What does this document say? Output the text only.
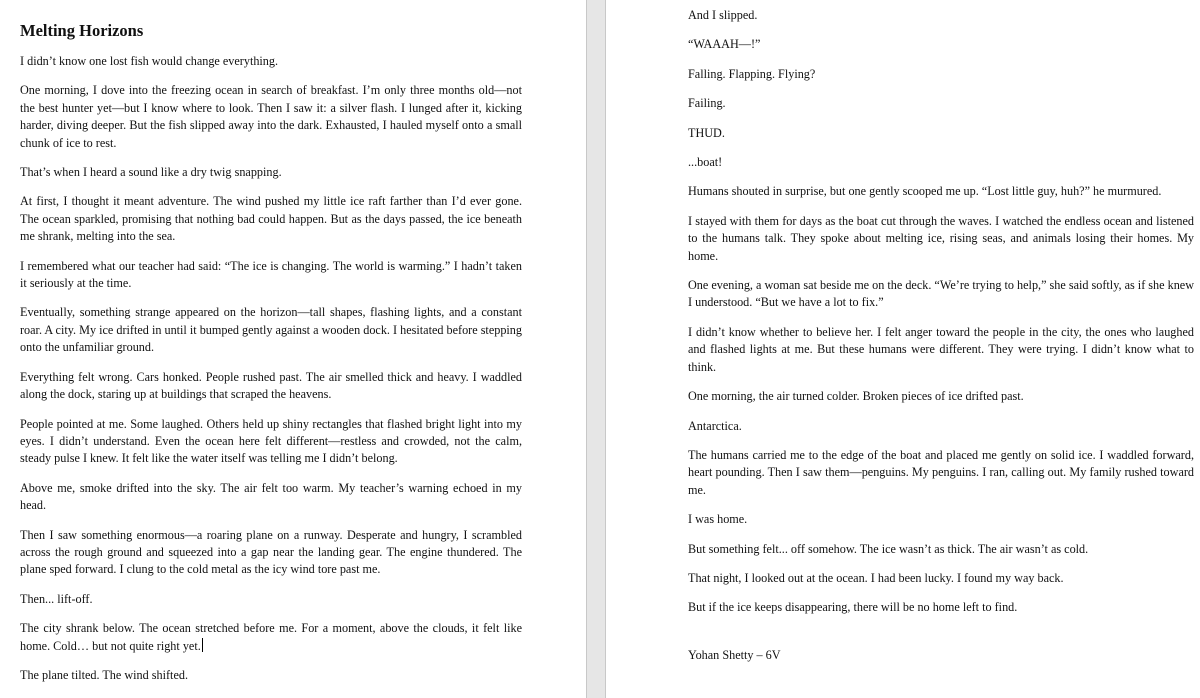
Melting Horizons

I didn’t know one lost fish would change everything.

One morning, I dove into the freezing ocean in search of breakfast. I’m only three months old—not the best hunter yet—but I know where to look. Then I saw it: a silver flash. I lunged after it, kicking harder, diving deeper. But the fish slipped away into the dark. Exhausted, I hauled myself onto a small chunk of ice to rest.

That’s when I heard a sound like a dry twig snapping.

At first, I thought it meant adventure. The wind pushed my little ice raft farther than I’d ever gone. The ocean sparkled, promising that nothing bad could happen. But as the days passed, the ice beneath me shrank, melting into the sea.

I remembered what our teacher had said: “The ice is changing. The world is warming.” I hadn’t taken it seriously at the time.

Eventually, something strange appeared on the horizon—tall shapes, flashing lights, and a constant roar. A city. My ice drifted in until it bumped gently against a wooden dock. I hesitated before stepping onto the unfamiliar ground.

Everything felt wrong. Cars honked. People rushed past. The air smelled thick and heavy. I waddled along the dock, staring up at buildings that scraped the heavens.

People pointed at me. Some laughed. Others held up shiny rectangles that flashed bright light into my eyes. I didn’t understand. Even the ocean here felt different—restless and crowded, not the calm, steady pulse I knew. It felt like the water itself was telling me I didn’t belong.

Above me, smoke drifted into the sky. The air felt too warm. My teacher’s warning echoed in my head.

Then I saw something enormous—a roaring plane on a runway. Desperate and hungry, I scrambled across the rough ground and squeezed into a gap near the landing gear. The engine thundered. The plane sped forward. I clung to the cold metal as the icy wind tore past me.

Then... lift-off.

The city shrank below. The ocean stretched before me. For a moment, above the clouds, it felt like home. Cold… but not quite right yet.

The plane tilted. The wind shifted.

And I slipped.

“WAAAH—!”

Falling. Flapping. Flying?

Failing.

THUD.

...boat!

Humans shouted in surprise, but one gently scooped me up. “Lost little guy, huh?” he murmured.

I stayed with them for days as the boat cut through the waves. I watched the endless ocean and listened to the humans talk. They spoke about melting ice, rising seas, and animals losing their homes. My home.

One evening, a woman sat beside me on the deck. “We’re trying to help,” she said softly, as if she knew I understood. “But we have a lot to fix.”

I didn’t know whether to believe her. I felt anger toward the people in the city, the ones who laughed and flashed lights at me. But these humans were different. They were trying. I didn’t know what to think.

One morning, the air turned colder. Broken pieces of ice drifted past.

Antarctica.

The humans carried me to the edge of the boat and placed me gently on solid ice. I waddled forward, heart pounding. Then I saw them—penguins. My penguins. I ran, calling out. My family rushed toward me.

I was home.

But something felt... off somehow. The ice wasn’t as thick. The air wasn’t as cold.

That night, I looked out at the ocean. I had been lucky. I found my way back.

But if the ice keeps disappearing, there will be no home left to find.

Yohan Shetty – 6V
